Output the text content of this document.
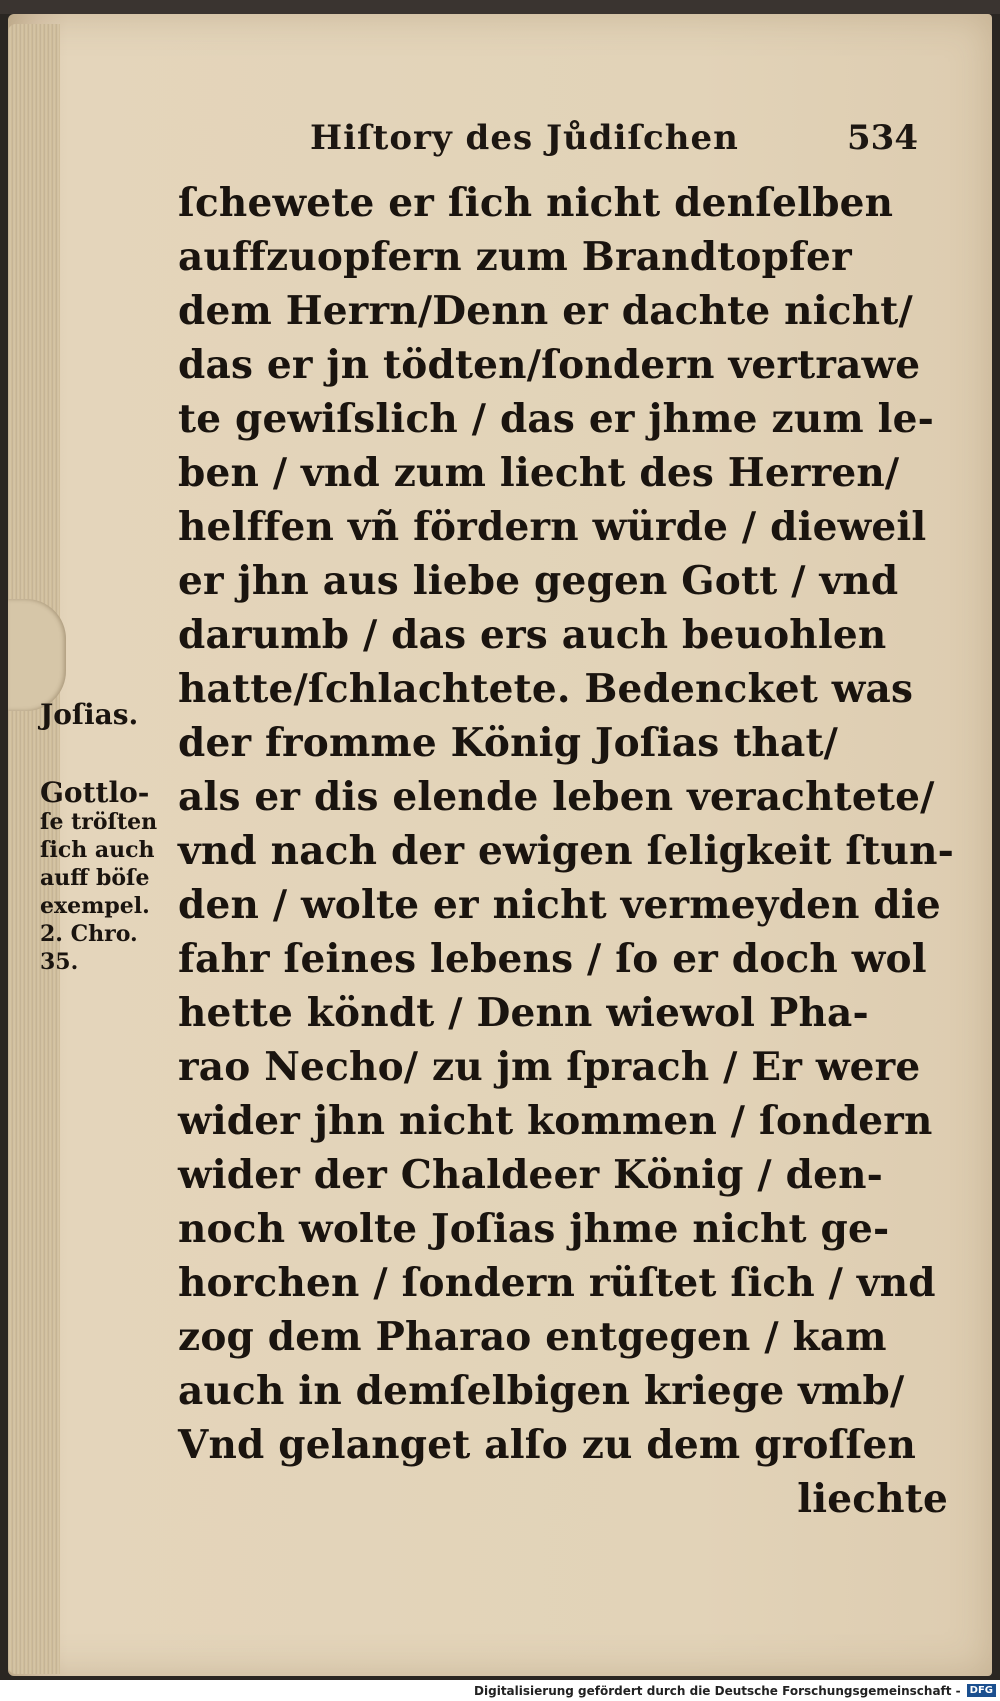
Hiſtory des Jůdiſchen	534
ſchewete er ſich nicht denſelben
auffzuopfern zum Brandtopfer
dem Herrn/Denn er dachte nicht/
das er jn tödten/ſondern vertrawe
te gewiſslich / das er jhme zum le-
ben / vnd zum liecht des Herren/
helffen vñ fördern würde / dieweil
er jhn aus liebe gegen Gott / vnd
darumb / das ers auch beuohlen
hatte/ſchlachtete. Bedencket was
der fromme König Joſias that/
als er dis elende leben verachtete/
vnd nach der ewigen ſeligkeit ſtun-
den / wolte er nicht vermeyden die
fahr ſeines lebens / ſo er doch wol
hette köndt / Denn wiewol Pha-
rao Necho/ zu jm ſprach / Er were
wider jhn nicht kommen / ſondern
wider der Chaldeer König / den-
noch wolte Joſias jhme nicht ge-
horchen / ſondern rüſtet ſich / vnd
zog dem Pharao entgegen / kam
auch in demſelbigen kriege vmb/
Vnd gelanget alſo zu dem groſſen
liechte
Joſias.
Gottlo-
ſe tröſten
ſich auch
auff böſe
exempel.
2. Chro.
35.
Digitalisierung gefördert durch die Deutsche Forschungsgemeinschaft - DFG
